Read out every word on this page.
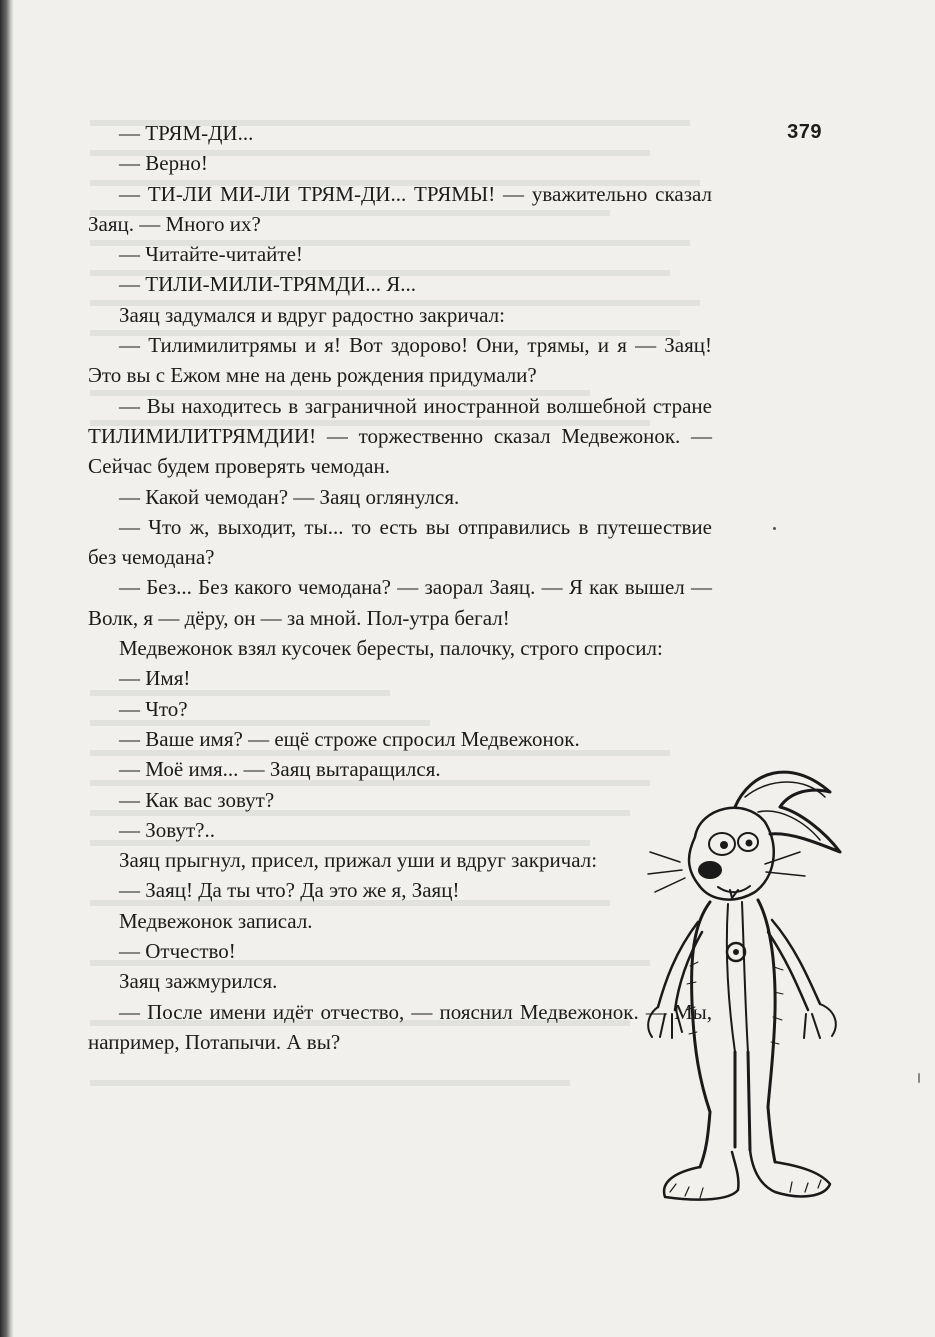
379

— ТРЯМ-ДИ...

— Верно!

— ТИ-ЛИ МИ-ЛИ ТРЯМ-ДИ... ТРЯМЫ! — уважительно сказал Заяц. — Много их?

— Читайте-читайте!

— ТИЛИ-МИЛИ-ТРЯМДИ... Я...

Заяц задумался и вдруг радостно закричал:

— Тилимилитрямы и я! Вот здорово! Они, трямы, и я — Заяц! Это вы с Ежом мне на день рождения придумали?

— Вы находитесь в заграничной иностранной волшебной стране ТИЛИМИЛИТРЯМДИИ! — торжественно сказал Медвежонок. — Сейчас будем проверять чемодан.

— Какой чемодан? — Заяц оглянулся.

— Что ж, выходит, ты... то есть вы отправились в путешествие без чемодана?

— Без... Без какого чемодана? — заорал Заяц. — Я как вышел — Волк, я — дёру, он — за мной. Пол-утра бегал!

Медвежонок взял кусочек бересты, палочку, строго спросил:

— Имя!

— Что?

— Ваше имя? — ещё строже спросил Медвежонок.

— Моё имя... — Заяц вытаращился.

— Как вас зовут?

— Зовут?..

Заяц прыгнул, присел, прижал уши и вдруг закричал:

— Заяц! Да ты что? Да это же я, Заяц!

Медвежонок записал.

— Отчество!

Заяц зажмурился.

— После имени идёт отчество, — пояснил Медвежонок. — Мы, например, Потапычи. А вы?
